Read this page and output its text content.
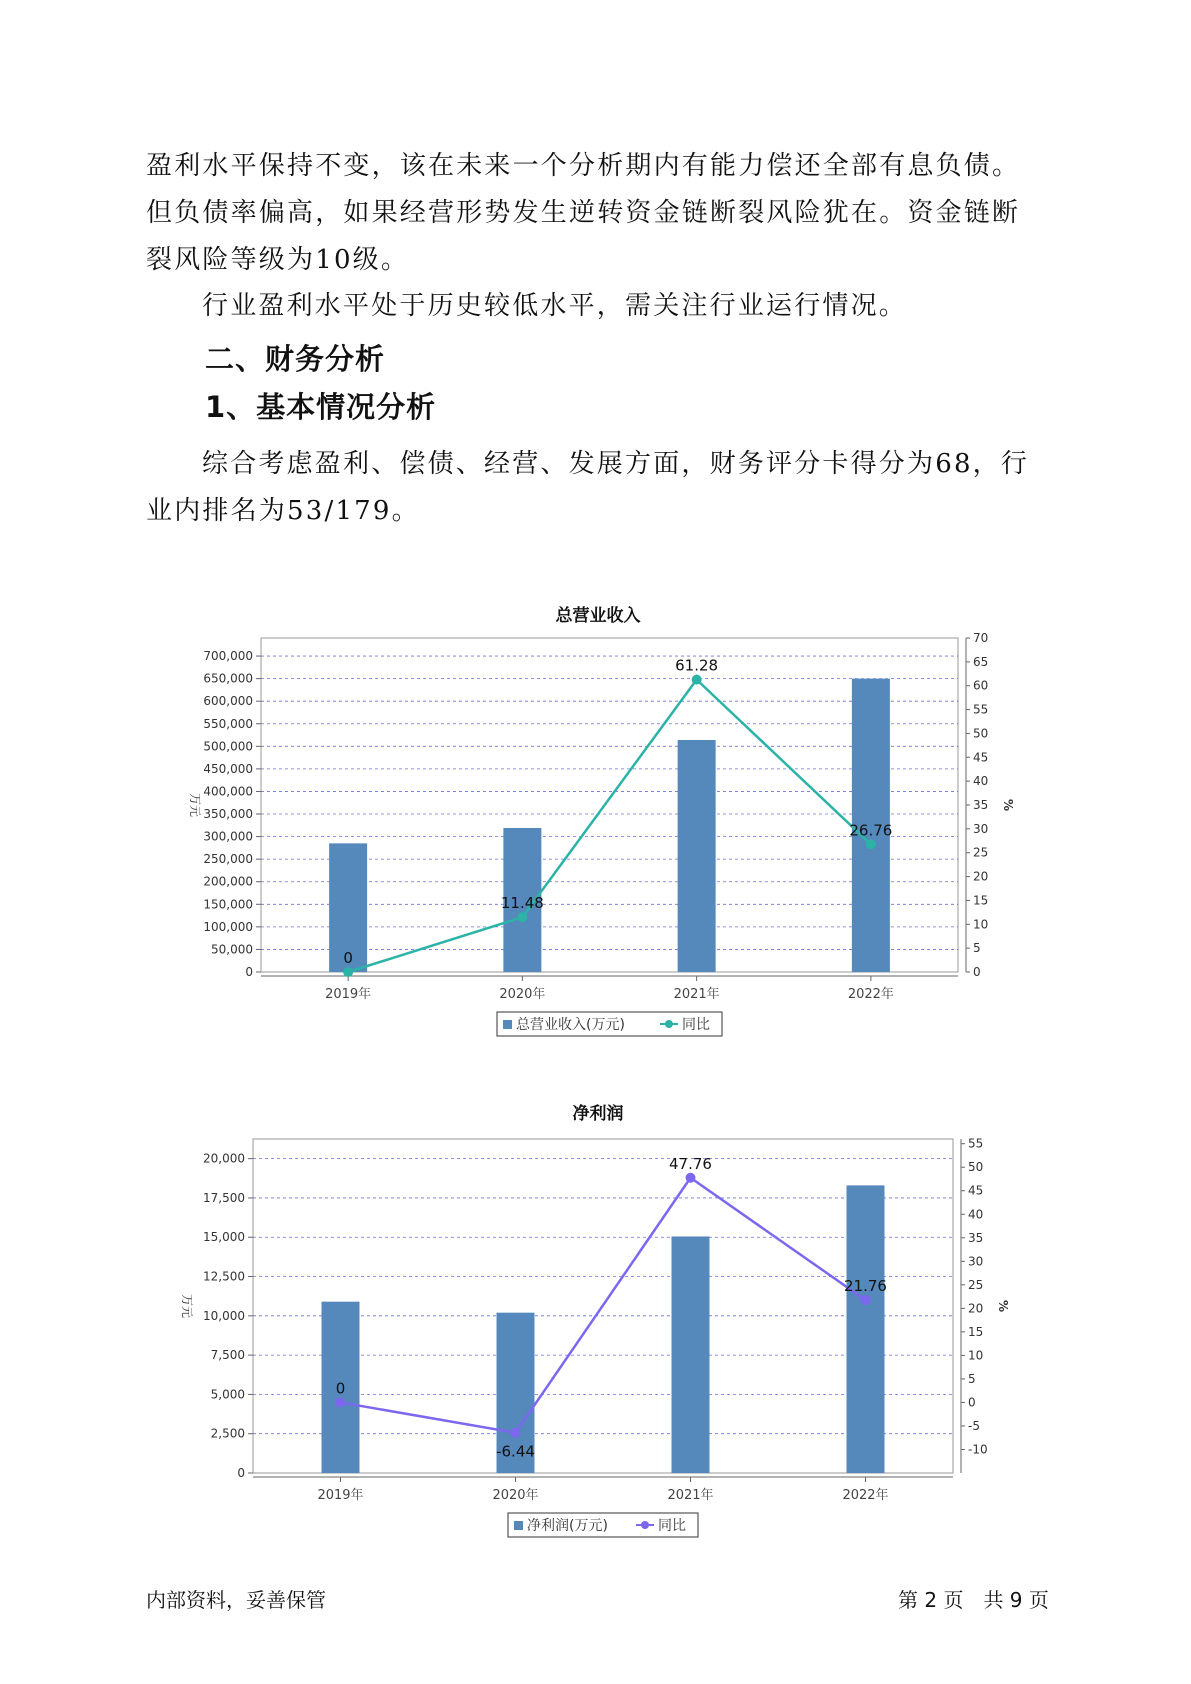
盈利水平保持不变，该在未来一个分析期内有能力偿还全部有息负债。但负债率偏高，如果经营形势发生逆转资金链断裂风险犹在。资金链断裂风险等级为10级。

行业盈利水平处于历史较低水平，需关注行业运行情况。

二、财务分析
1、基本情况分析

综合考虑盈利、偿债、经营、发展方面，财务评分卡得分为68，行业内排名为53/179。

总营业收入
0
50,000
100,000
150,000
200,000
250,000
300,000
350,000
400,000
450,000
500,000
550,000
600,000
650,000
700,000
0
5
10
15
20
25
30
35
40
45
50
55
60
65
70
万元	%
2019年	2020年	2021年	2022年
0
11.48
61.28
26.76
总营业收入(万元)	同比
净利润
0
2,500
5,000
7,500
10,000
12,500
15,000
17,500
20,000
-10
-5
0
5
10
15
20
25
30
35
40
45
50
55
万元	%
2019年	2020年	2021年	2022年
0
-6.44
47.76
21.76
净利润(万元)	同比
内部资料，妥善保管	第 2 页　共 9 页
